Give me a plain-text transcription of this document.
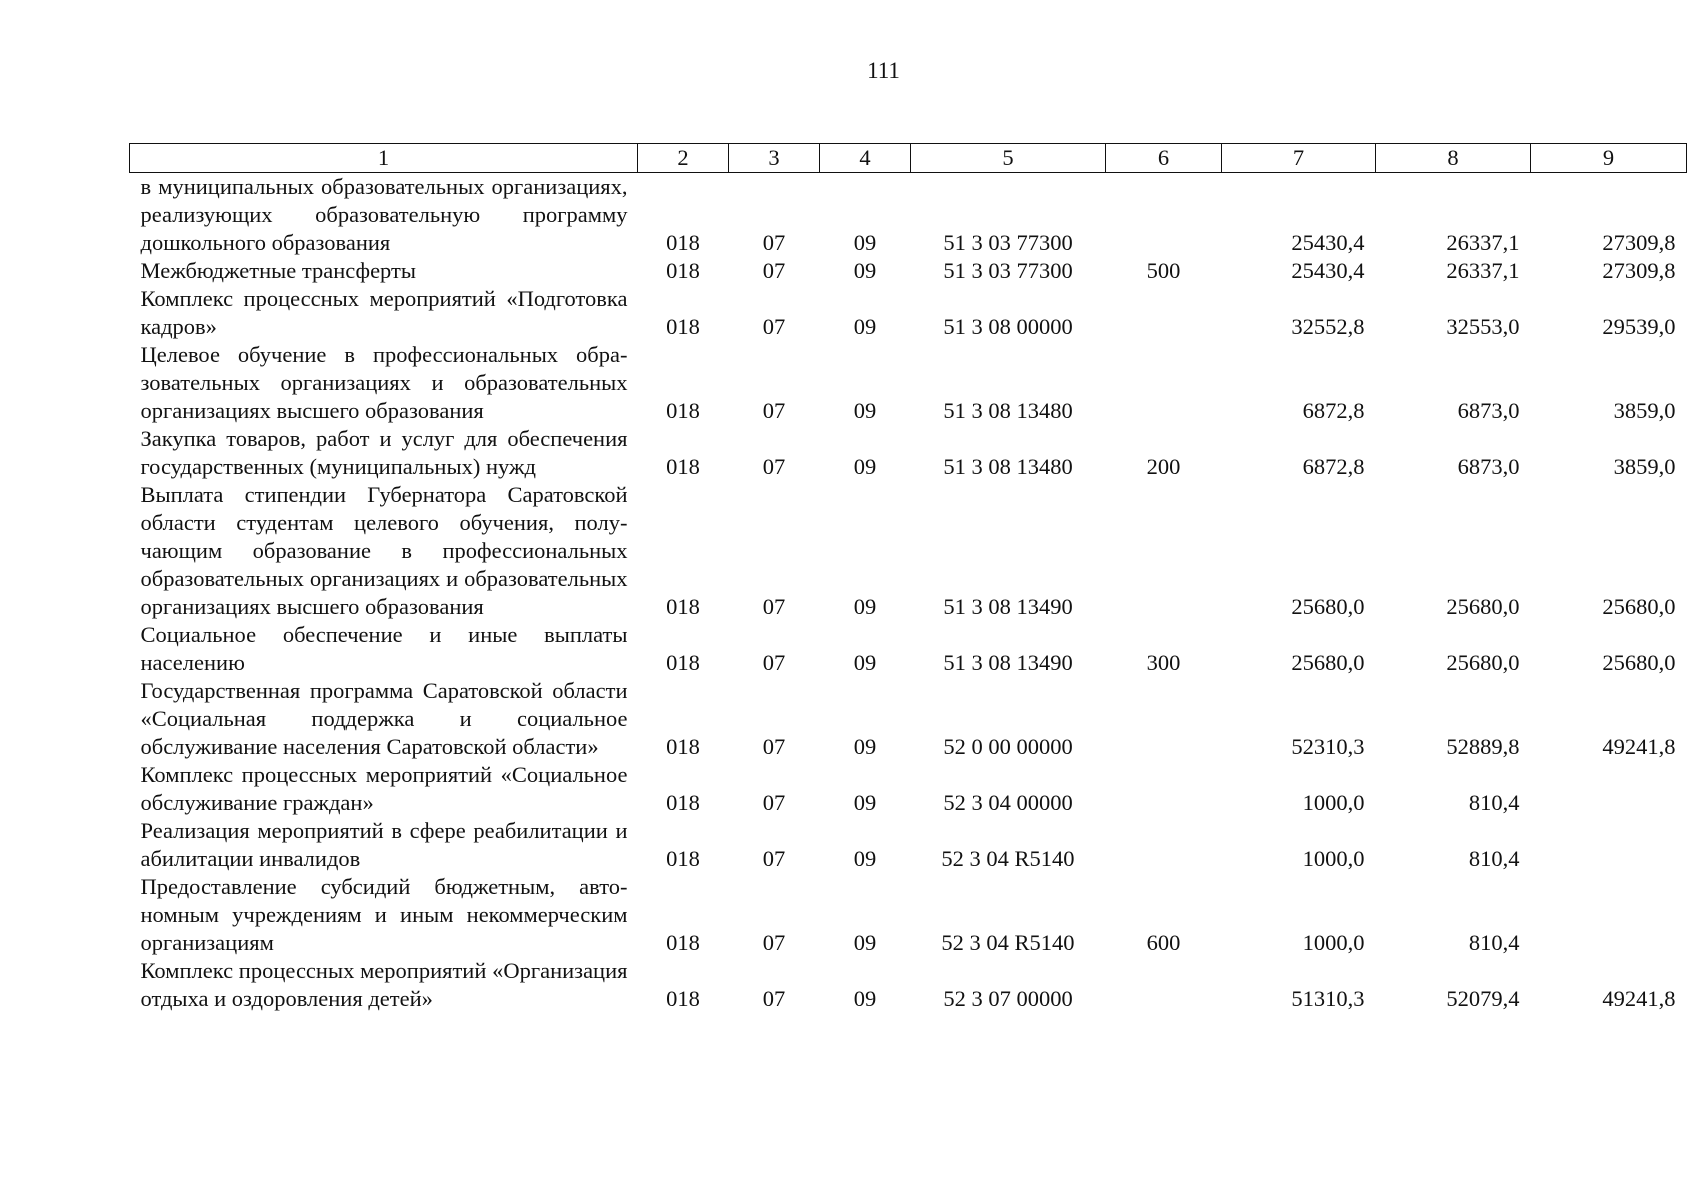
111
1	2	3	4	5	6	7	8	9
в муниципальных образовательных организациях, реализующих образовательную программу дошкольного образования	018	07	09	51 3 03 77300		25430,4	26337,1	27309,8
Межбюджетные трансферты	018	07	09	51 3 03 77300	500	25430,4	26337,1	27309,8
Комплекс процессных мероприятий «Подготовка кадров»	018	07	09	51 3 08 00000		32552,8	32553,0	29539,0
Целевое обучение в профессиональных образовательных организациях и образовательных организациях высшего образования	018	07	09	51 3 08 13480		6872,8	6873,0	3859,0
Закупка товаров, работ и услуг для обеспечения государственных (муниципальных) нужд	018	07	09	51 3 08 13480	200	6872,8	6873,0	3859,0
Выплата стипендии Губернатора Саратовской области студентам целевого обучения, получающим образование в профессиональных образовательных организациях и образовательных организациях высшего образования	018	07	09	51 3 08 13490		25680,0	25680,0	25680,0
Социальное обеспечение и иные выплаты населению	018	07	09	51 3 08 13490	300	25680,0	25680,0	25680,0
Государственная программа Саратовской области «Социальная поддержка и социальное обслуживание населения Саратовской области»	018	07	09	52 0 00 00000		52310,3	52889,8	49241,8
Комплекс процессных мероприятий «Социальное обслуживание граждан»	018	07	09	52 3 04 00000		1000,0	810,4	
Реализация мероприятий в сфере реабилитации и абилитации инвалидов	018	07	09	52 3 04 R5140		1000,0	810,4	
Предоставление субсидий бюджетным, автономным учреждениям и иным некоммерческим организациям	018	07	09	52 3 04 R5140	600	1000,0	810,4	
Комплекс процессных мероприятий «Организация отдыха и оздоровления детей»	018	07	09	52 3 07 00000		51310,3	52079,4	49241,8
